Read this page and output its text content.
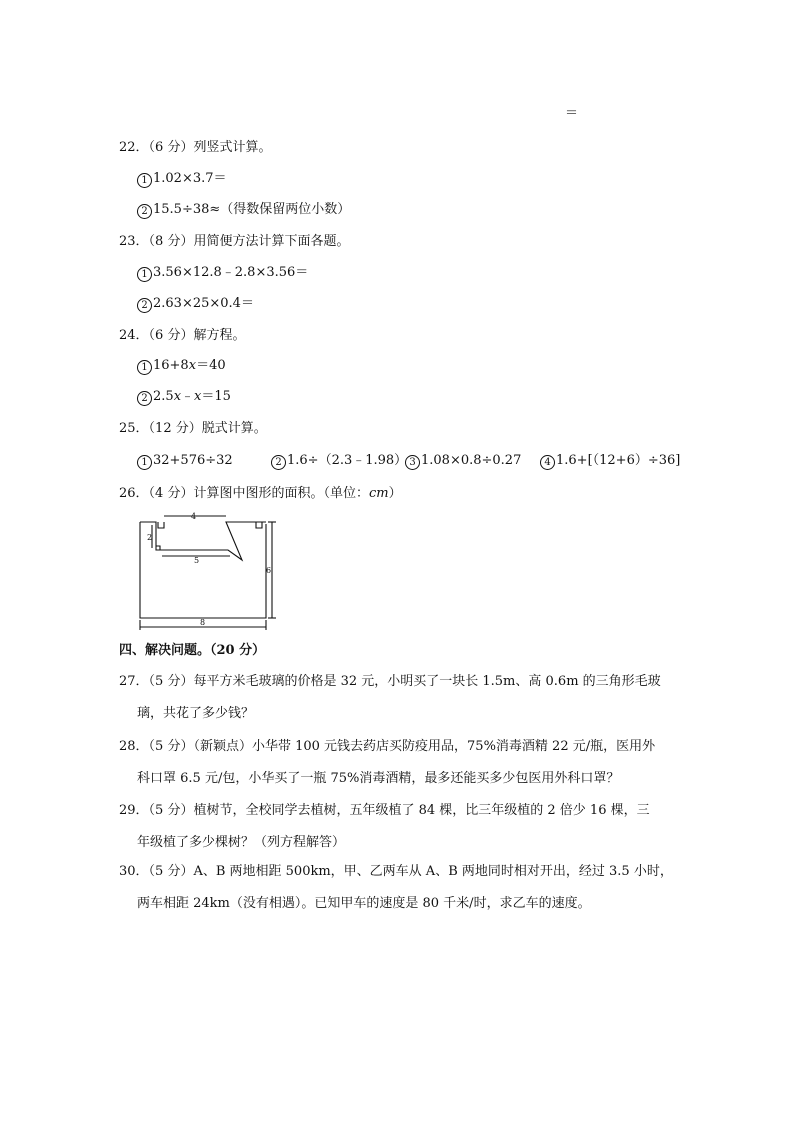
＝
22．（6 分）列竖式计算。
1 1.02×3.7＝
2 15.5÷38≈（得数保留两位小数）
23．（8 分）用简便方法计算下面各题。
1 3.56×12.8﹣2.8×3.56＝
2 2.63×25×0.4＝
24．（6 分）解方程。
1 16+8x＝40
2 2.5x﹣x＝15
25．（12 分）脱式计算。
1 32+576÷32	2 1.6÷（2.3﹣1.98） 3 1.08×0.8÷0.27	4 1.6+[（12+6）÷36]
26．（4 分）计算图中图形的面积。（单位：cm）
4
2
5
6
8
四、解决问题。（20 分）
27．（5 分）每平方米毛玻璃的价格是 32 元，小明买了一块长 1.5m、高 0.6m 的三角形毛玻
璃，共花了多少钱？
28．（5 分）（新颖点）小华带 100 元钱去药店买防疫用品，75%消毒酒精 22 元/瓶，医用外
科口罩 6.5 元/包，小华买了一瓶 75%消毒酒精，最多还能买多少包医用外科口罩？
29．（5 分）植树节，全校同学去植树，五年级植了 84 棵，比三年级植的 2 倍少 16 棵，三
年级植了多少棵树？（列方程解答）
30．（5 分）A、B 两地相距 500km，甲、乙两车从 A、B 两地同时相对开出，经过 3.5 小时，
两车相距 24km（没有相遇）。已知甲车的速度是 80 千米/时，求乙车的速度。
